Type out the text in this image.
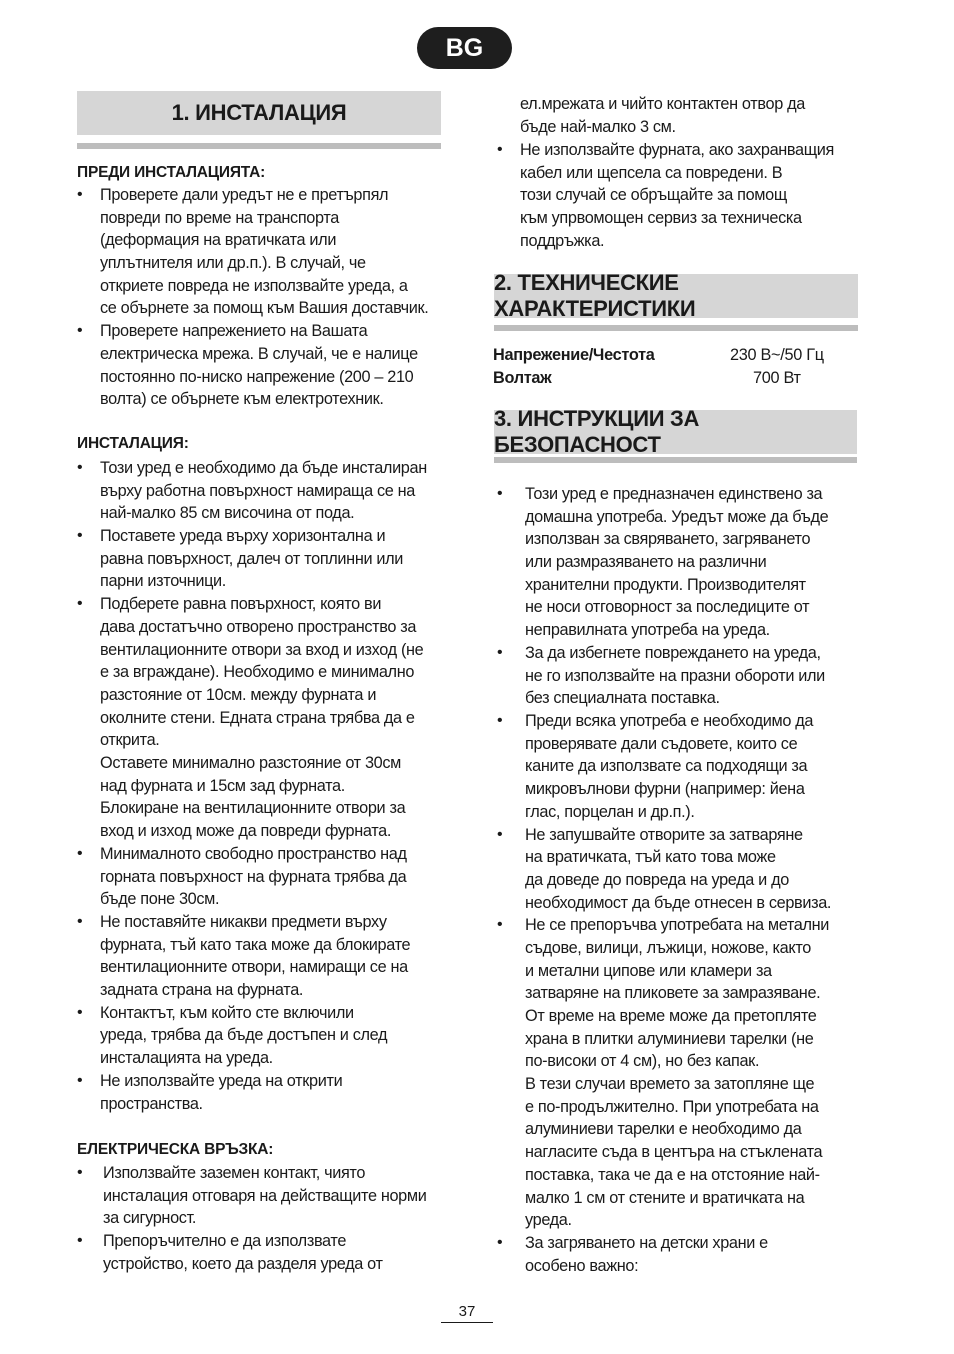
BG
1. ИНСТАЛАЦИЯ
ПРЕДИ ИНСТАЛАЦИЯТА:
• Проверете дали уредът не е претърпял
повреди по време на транспорта
(деформация на вратичката или
уплътнителя или др.п.). В случай, че
откриете повреда не използвайте уреда, а
се обърнете за помощ към Вашия доставчик.
• Проверете напрежението на Вашата
електрическа мрежа. В случай, че е налице
постоянно по-ниско напрежение (200 – 210
волта) се обърнете към електротехник.
ИНСТАЛАЦИЯ:
• Този уред е необходимо да бъде инсталиран
върху работна повърхност намираща се на
най-малко 85 см височина от пода.
• Поставете уреда върху хоризонтална и
равна повърхност, далеч от топлинни или
парни източници.
• Подберете равна повърхност, която ви
дава достатъчно отворено пространство за
вентилационните отвори за вход и изход (не
е за вграждане). Необходимо е минимално
разстояние от 10см. между фурната и
околните стени. Едната страна трябва да е
открита.
Оставете минимално разстояние от 30см
над фурната и 15см зад фурната.
Блокиране на вентилационните отвори за
вход и изход може да повреди фурната.
• Минималното свободно пространство над
горната повърхност на фурната трябва да
бъде поне 30см.
• Не поставяйте никакви предмети върху
фурната, тъй като така може да блокирате
вентилационните отвори, намиращи се на
задната страна на фурната.
• Контактът, към който сте включили
уреда, трябва да бъде достъпен и след
инсталацията на уреда.
• Не използвайте уреда на открити
пространства.
ЕЛЕКТРИЧЕСКА ВРЪЗКА:
• Използвайте заземен контакт, чиято
инсталация отговаря на действащите норми
за сигурност.
• Препоръчително е да използвате
устройство, което да разделя уреда от
ел.мрежата и чийто контактен отвор да
бъде най-малко 3 см.
• Не използвайте фурната, ако захранващия
кабел или щепсела са повредени. В
този случай се обръщайте за помощ
към упрвомощен сервиз за техническа
поддръжка.
2. ТЕХНИЧЕСКИЕ ХАРАКТЕРИСТИКИ
Напрежение/Честота	230 В~/50 Гц
Волтаж	700 Вт
3. ИНСТРУКЦИИ ЗА БЕЗОПАСНОСТ
• Този уред е предназначен единствено за
домашна употреба. Уредът може да бъде
използван за свяряването, загряването
или размразяването на различни
хранителни продукти. Производителят
не носи отговорност за последиците от
неправилната употреба на уреда.
• За да избегнете повреждането на уреда,
не го използвайте на празни обороти или
без специалната поставка.
• Преди всяка употреба е необходимо да
проверявате дали съдовете, които се
каните да използвате са подходящи за
микровълнови фурни (например: йена
глас, порцелан и др.п.).
• Не запушвайте отворите за затваряне
на вратичката, тъй като това може
да доведе до повреда на уреда и до
необходимост да бъде отнесен в сервиза.
• Не се препоръчва употребата на метални
съдове, вилици, лъжици, ножове, както
и метални ципове или кламери за
затваряне на пликовете за замразяване.
От време на време може да претопляте
храна в плитки алуминиеви тарелки (не
по-високи от 4 см), но без капак.
В тези случаи времето за затопляне ще
е по-продължително. При употребата на
алуминиеви тарелки е необходимо да
нагласите съда в центъра на стъклената
поставка, така че да е на отстояние най-
малко 1 см от стените и вратичката на
уреда.
• За загряването на детски храни е
особено важно:
37
